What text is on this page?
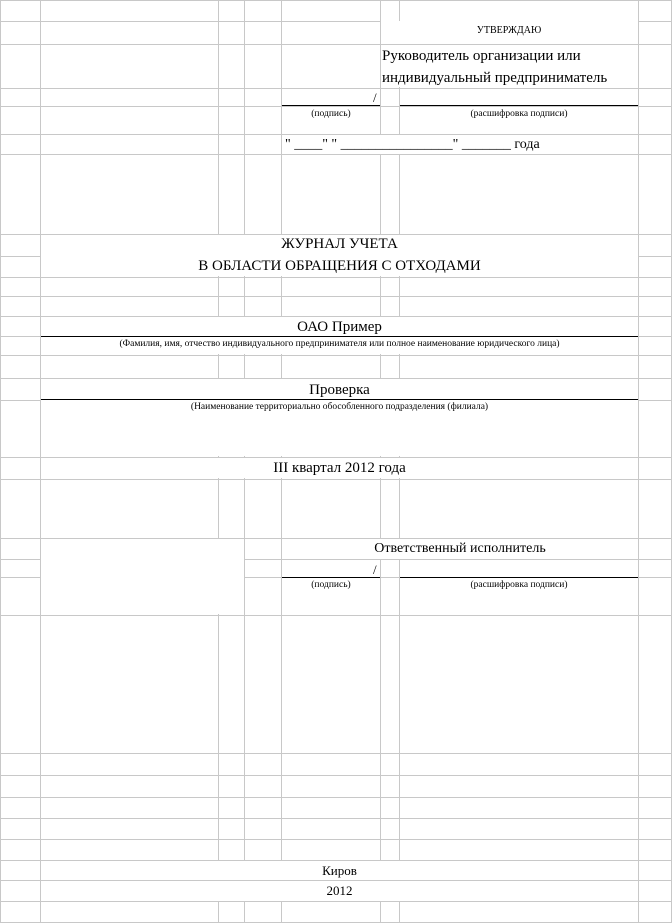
УТВЕРЖДАЮ
Руководитель организации или
индивидуальный предприниматель
/
(подпись)	(расшифровка подписи)
" ____" " ________________" _______ года
ЖУРНАЛ УЧЕТА
В ОБЛАСТИ ОБРАЩЕНИЯ С ОТХОДАМИ
ОАО Пример
(Фамилия, имя, отчество индивидуального предпринимателя или полное наименование юридического лица)
Проверка
(Наименование территориально обособленного подразделения (филиала)
III квартал 2012 года
Ответственный исполнитель
/
(подпись)	(расшифровка подписи)
Киров
2012
